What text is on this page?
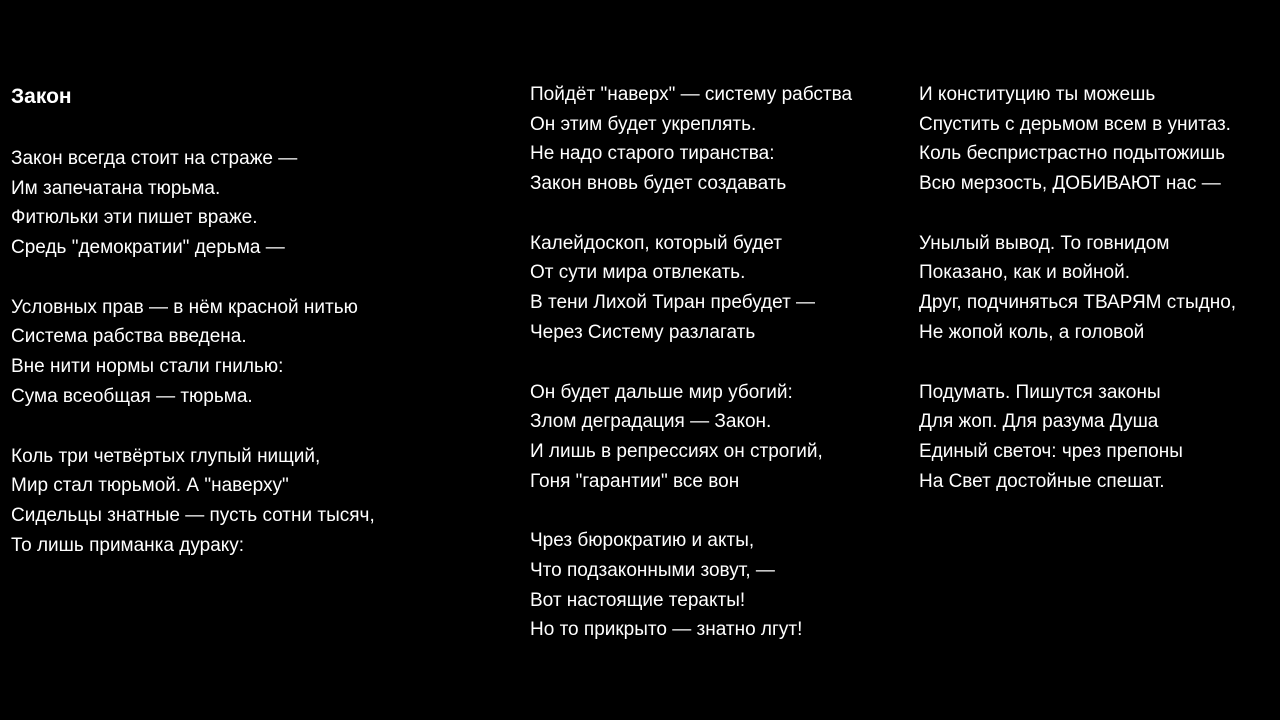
Закон
Закон всегда стоит на страже —
Им запечатана тюрьма.
Фитюльки эти пишет враже.
Средь "демократии" дерьма —
Условных прав — в нём красной нитью
Система рабства введена.
Вне нити нормы стали гнилью:
Сума всеобщая — тюрьма.
Коль три четвёртых глупый нищий,
Мир стал тюрьмой. А "наверху"
Сидельцы знатные — пусть сотни тысяч,
То лишь приманка дураку:
Пойдёт "наверх" — систему рабства
Он этим будет укреплять.
Не надо старого тиранства:
Закон вновь будет создавать
Калейдоскоп, который будет
От сути мира отвлекать.
В тени Лихой Тиран пребудет —
Через Систему разлагать
Он будет дальше мир убогий:
Злом деградация — Закон.
И лишь в репрессиях он строгий,
Гоня "гарантии" все вон
Чрез бюрократию и акты,
Что подзаконными зовут, —
Вот настоящие теракты!
Но то прикрыто — знатно лгут!
И конституцию ты можешь
Спустить с дерьмом всем в унитаз.
Коль беспристрастно подытожишь
Всю мерзость, ДОБИВАЮТ нас —
Унылый вывод. То говнидом
Показано, как и войной.
Друг, подчиняться ТВАРЯМ стыдно,
Не жопой коль, а головой
Подумать. Пишутся законы
Для жоп. Для разума Душа
Единый светоч: чрез препоны
На Свет достойные спешат.
